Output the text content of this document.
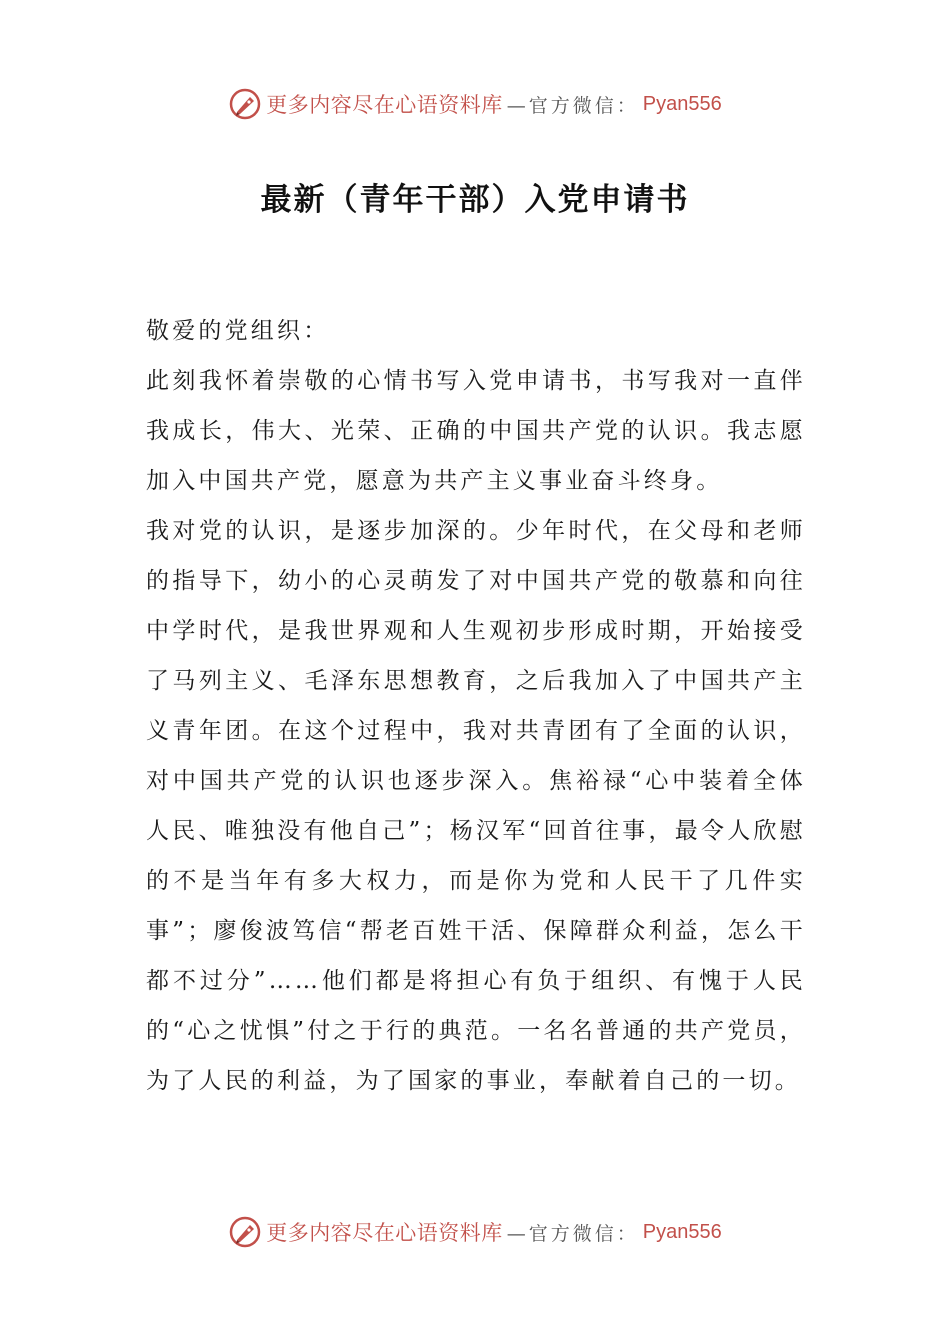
更多内容尽在心语资料库 —官方微信： Pyan556
最新（青年干部）入党申请书

敬爱的党组织：

此刻我怀着崇敬的心情书写入党申请书，书写我对一直伴我成长，伟大、光荣、正确的中国共产党的认识。我志愿加入中国共产党，愿意为共产主义事业奋斗终身。

我对党的认识，是逐步加深的。少年时代，在父母和老师的指导下，幼小的心灵萌发了对中国共产党的敬慕和向往中学时代，是我世界观和人生观初步形成时期，开始接受了马列主义、毛泽东思想教育，之后我加入了中国共产主义青年团。在这个过程中，我对共青团有了全面的认识，对中国共产党的认识也逐步深入。焦裕禄“心中装着全体人民、唯独没有他自己”；杨汉军“回首往事，最令人欣慰的不是当年有多大权力，而是你为党和人民干了几件实事”；廖俊波笃信“帮老百姓干活、保障群众利益，怎么干都不过分”……他们都是将担心有负于组织、有愧于人民的“心之忧惧”付之于行的典范。一名名普通的共产党员，为了人民的利益，为了国家的事业，奉献着自己的一切。

更多内容尽在心语资料库 —官方微信： Pyan556
